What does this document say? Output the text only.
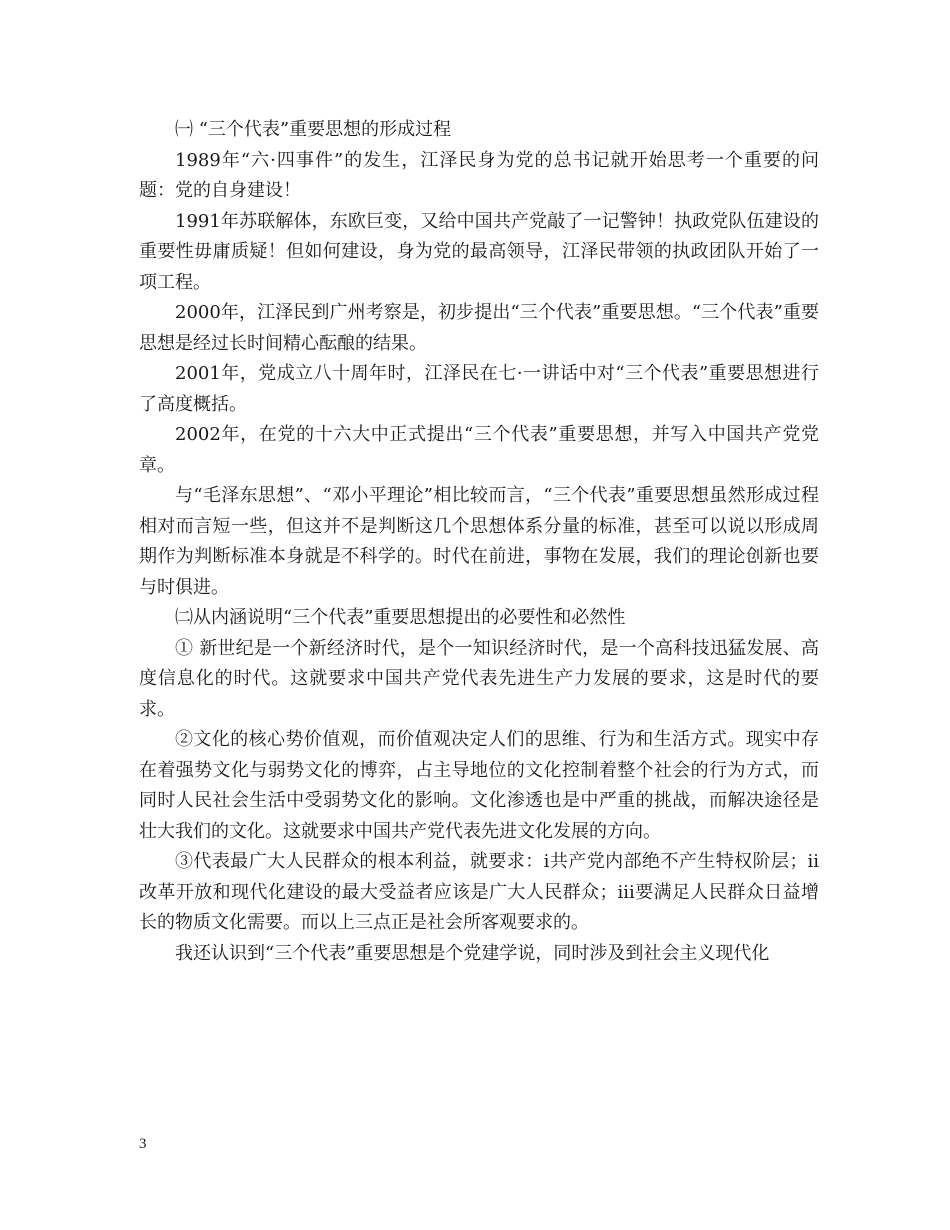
㈠ “三个代表”重要思想的形成过程

1989年“六·四事件”的发生，江泽民身为党的总书记就开始思考一个重要的问题：党的自身建设！

1991年苏联解体，东欧巨变，又给中国共产党敲了一记警钟！执政党队伍建设的重要性毋庸质疑！但如何建设，身为党的最高领导，江泽民带领的执政团队开始了一项工程。

2000年，江泽民到广州考察是，初步提出“三个代表”重要思想。“三个代表”重要思想是经过长时间精心酝酿的结果。

2001年，党成立八十周年时，江泽民在七·一讲话中对“三个代表”重要思想进行了高度概括。

2002年，在党的十六大中正式提出“三个代表”重要思想，并写入中国共产党党章。

与“毛泽东思想”、“邓小平理论”相比较而言，“三个代表”重要思想虽然形成过程相对而言短一些，但这并不是判断这几个思想体系分量的标准，甚至可以说以形成周期作为判断标准本身就是不科学的。时代在前进，事物在发展，我们的理论创新也要与时俱进。

㈡从内涵说明“三个代表”重要思想提出的必要性和必然性

① 新世纪是一个新经济时代，是个一知识经济时代，是一个高科技迅猛发展、高度信息化的时代。这就要求中国共产党代表先进生产力发展的要求，这是时代的要求。

②文化的核心势价值观，而价值观决定人们的思维、行为和生活方式。现实中存在着强势文化与弱势文化的博弈，占主导地位的文化控制着整个社会的行为方式，而同时人民社会生活中受弱势文化的影响。文化渗透也是中严重的挑战，而解决途径是壮大我们的文化。这就要求中国共产党代表先进文化发展的方向。

③代表最广大人民群众的根本利益，就要求：i共产党内部绝不产生特权阶层；ii改革开放和现代化建设的最大受益者应该是广大人民群众；iii要满足人民群众日益增长的物质文化需要。而以上三点正是社会所客观要求的。

我还认识到“三个代表”重要思想是个党建学说，同时涉及到社会主义现代化

3
